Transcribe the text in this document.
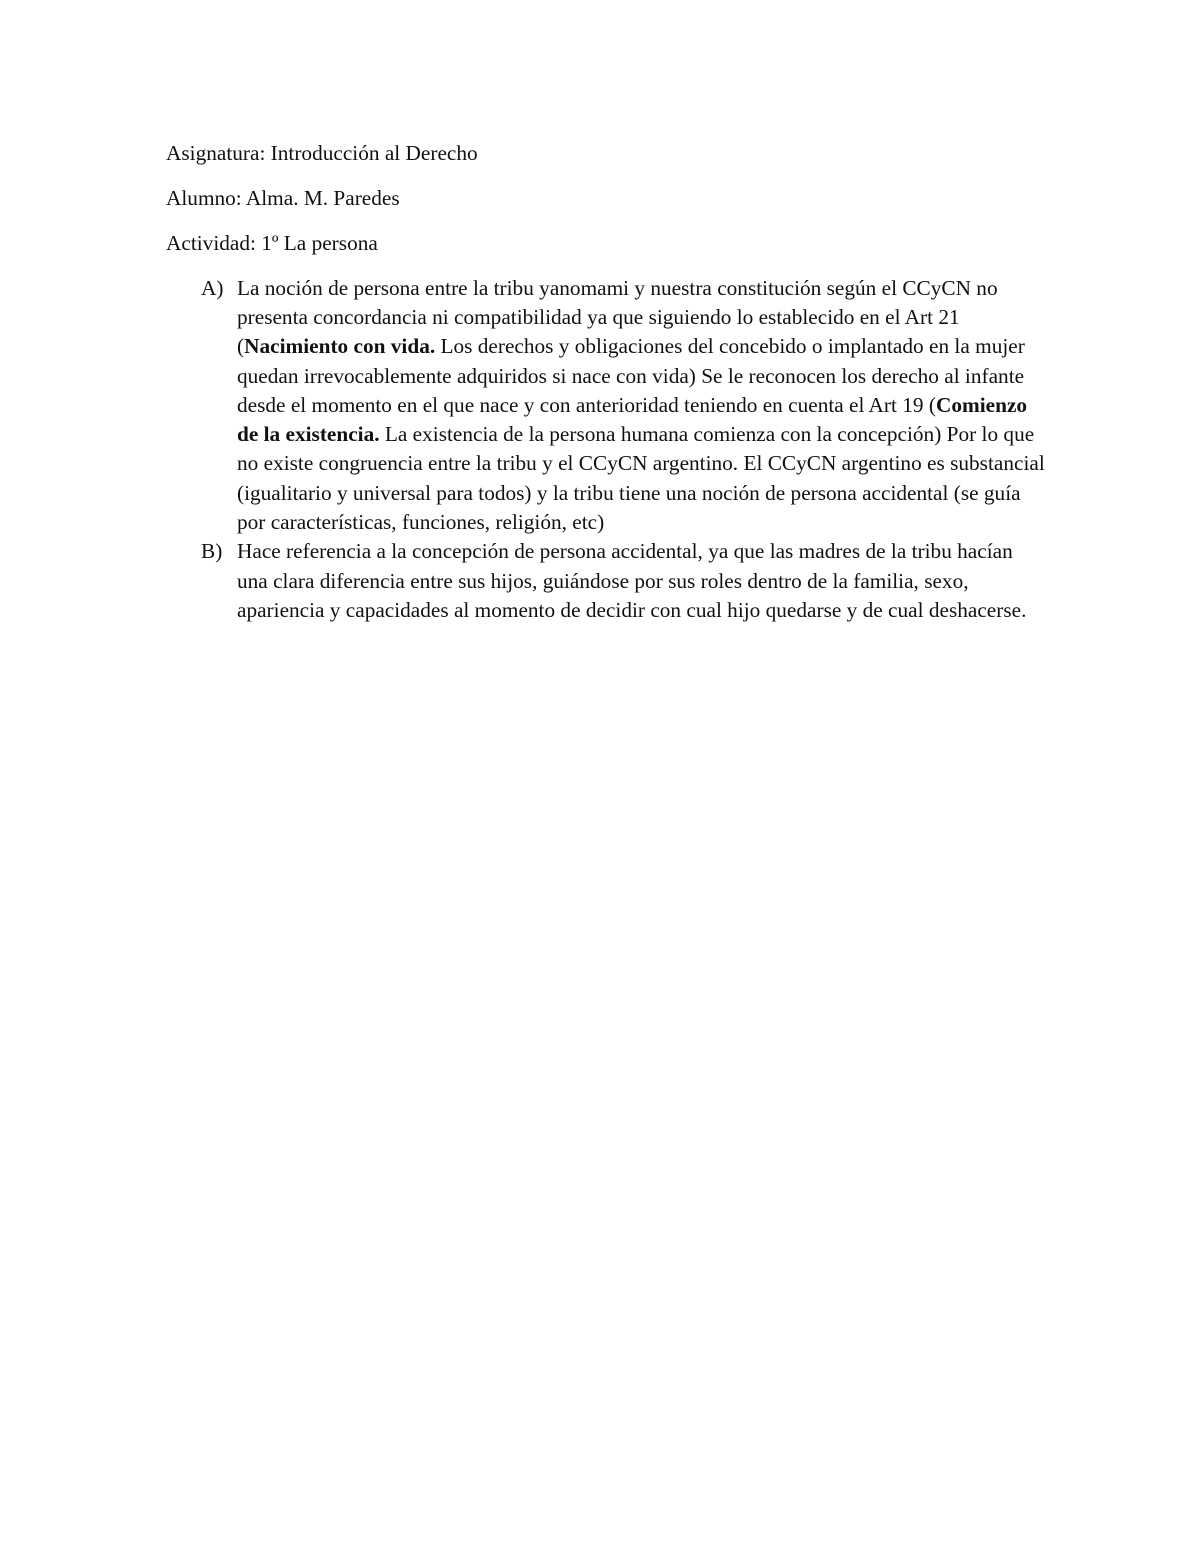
Asignatura: Introducción al Derecho

Alumno: Alma. M. Paredes

Actividad: 1º La persona

A) La noción de persona entre la tribu yanomami y nuestra constitución según el CCyCN no presenta concordancia ni compatibilidad ya que siguiendo lo establecido en el Art 21 (Nacimiento con vida. Los derechos y obligaciones del concebido o implantado en la mujer quedan irrevocablemente adquiridos si nace con vida) Se le reconocen los derecho al infante desde el momento en el que nace y con anterioridad teniendo en cuenta el Art 19 (Comienzo de la existencia. La existencia de la persona humana comienza con la concepción) Por lo que no existe congruencia entre la tribu y el CCyCN argentino. El CCyCN argentino es substancial (igualitario y universal para todos) y la tribu tiene una noción de persona accidental (se guía por características, funciones, religión, etc)
B) Hace referencia a la concepción de persona accidental, ya que las madres de la tribu hacían una clara diferencia entre sus hijos, guiándose por sus roles dentro de la familia, sexo, apariencia y capacidades al momento de decidir con cual hijo quedarse y de cual deshacerse.
